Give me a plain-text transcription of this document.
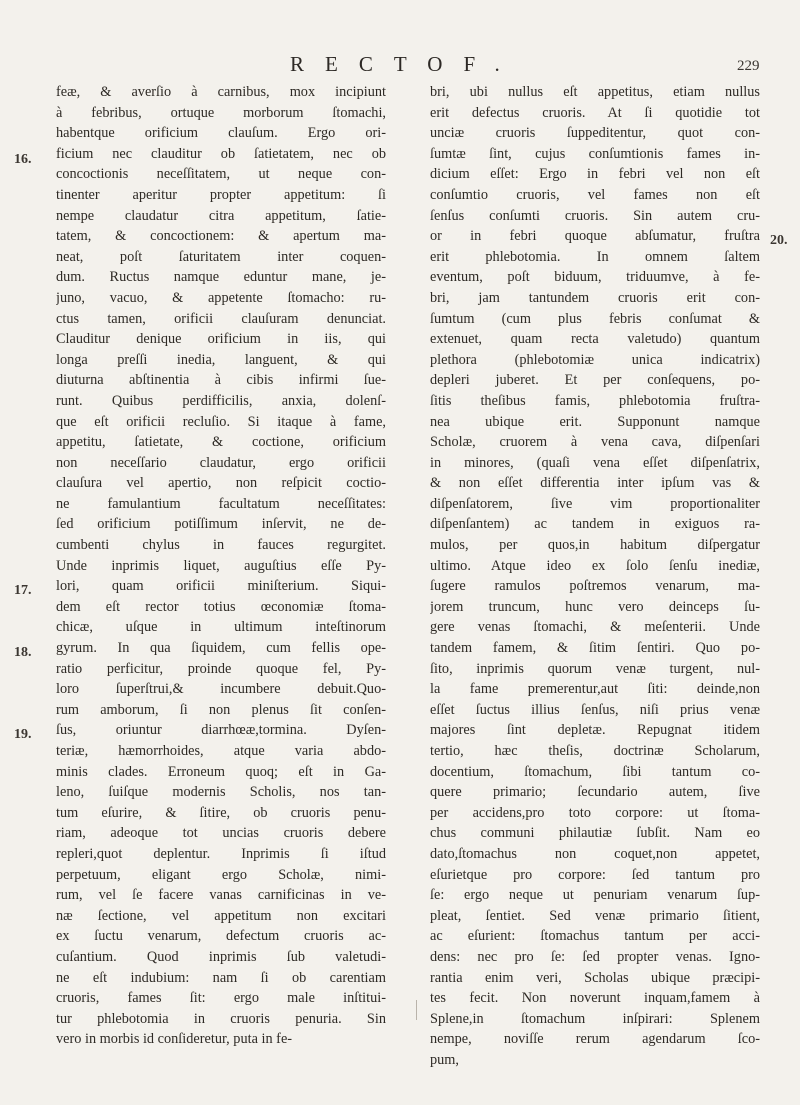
RECTOF.	229
16.
17.
18.
19.
20.
feæ, & averſio à carnibus, mox incipiunt
à febribus, ortuque morborum ſtomachi,
habentque orificium clauſum. Ergo ori-
ficium nec clauditur ob ſatietatem, nec ob
concoctionis neceſſitatem, ut neque con-
tinenter aperitur propter appetitum: ſi
nempe claudatur citra appetitum, ſatie-
tatem, & concoctionem: & apertum ma-
neat, poſt ſaturitatem inter coquen-
dum. Ructus namque eduntur mane, je-
juno, vacuo, & appetente ſtomacho: ru-
ctus tamen, orificii clauſuram denunciat.
Clauditur denique orificium in iis, qui
longa preſſi inedia, languent, & qui
diuturna abſtinentia à cibis infirmi ſue-
runt. Quibus perdifficilis, anxia, dolenſ-
que eſt orificii recluſio. Si itaque à fame,
appetitu, ſatietate, & coctione, orificium
non neceſſario claudatur, ergo orificii
clauſura vel apertio, non reſpicit coctio-
ne famulantium facultatum neceſſitates:
ſed orificium potiſſimum inſervit, ne de-
cumbenti chylus in fauces regurgitet.
Unde inprimis liquet, auguſtius eſſe Py-
lori, quam orificii miniſterium. Siqui-
dem eſt rector totius œconomiæ ſtoma-
chicæ, uſque in ultimum inteſtinorum
gyrum. In qua ſiquidem, cum fellis ope-
ratio perficitur, proinde quoque fel, Py-
loro ſuperſtrui,& incumbere debuit.Quo-
rum amborum, ſi non plenus ſit conſen-
ſus, oriuntur diarrhœæ,tormina. Dyſen-
teriæ, hæmorrhoides, atque varia abdo-
minis clades. Erroneum quoq; eſt in Ga-
leno, ſuiſque modernis Scholis, nos tan-
tum eſurire, & ſitire, ob cruoris penu-
riam, adeoque tot uncias cruoris debere
repleri,quot deplentur. Inprimis ſi iſtud
perpetuum, eligant ergo Scholæ, nimi-
rum, vel ſe facere vanas carnificinas in ve-
næ ſectione, vel appetitum non excitari
ex ſuctu venarum, defectum cruoris ac-
cuſantium. Quod inprimis ſub valetudi-
ne eſt indubium: nam ſi ob carentiam
cruoris, fames ſit: ergo male inſtitui-
tur phlebotomia in cruoris penuria. Sin
vero in morbis id conſideretur, puta in fe-
bri, ubi nullus eſt appetitus, etiam nullus
erit defectus cruoris. At ſi quotidie tot
unciæ cruoris ſuppeditentur, quot con-
ſumtæ ſint, cujus conſumtionis fames in-
dicium eſſet: Ergo in febri vel non eſt
conſumtio cruoris, vel fames non eſt
ſenſus conſumti cruoris. Sin autem cru-
or in febri quoque abſumatur, fruſtra
erit phlebotomia. In omnem ſaltem
eventum, poſt biduum, triduumve, à fe-
bri, jam tantundem cruoris erit con-
ſumtum (cum plus febris conſumat &
extenuet, quam recta valetudo) quantum
plethora (phlebotomiæ unica indicatrix)
depleri juberet. Et per conſequens, po-
ſitis theſibus famis, phlebotomia fruſtra-
nea ubique erit. Supponunt namque
Scholæ, cruorem à vena cava, diſpenſari
in minores, (quaſi vena eſſet diſpenſatrix,
& non eſſet differentia inter ipſum vas &
diſpenſatorem, ſive vim proportionaliter
diſpenſantem) ac tandem in exiguos ra-
mulos, per quos,in habitum diſpergatur
ultimo. Atque ideo ex ſolo ſenſu inediæ,
ſugere ramulos poſtremos venarum, ma-
jorem truncum, hunc vero deinceps ſu-
gere venas ſtomachi, & meſenterii. Unde
tandem famem, & ſitim ſentiri. Quo po-
ſito, inprimis quorum venæ turgent, nul-
la fame premerentur,aut ſiti: deinde,non
eſſet ſuctus illius ſenſus, niſi prius venæ
majores ſint depletæ. Repugnat itidem
tertio, hæc theſis, doctrinæ Scholarum,
docentium, ſtomachum, ſibi tantum co-
quere primario; ſecundario autem, ſive
per accidens,pro toto corpore: ut ſtoma-
chus communi philautiæ ſubſit. Nam eo
dato,ſtomachus non coquet,non appetet,
eſurietque pro corpore: ſed tantum pro
ſe: ergo neque ut penuriam venarum ſup-
pleat, ſentiet. Sed venæ primario ſitient,
ac eſurient: ſtomachus tantum per acci-
dens: nec pro ſe: ſed propter venas. Igno-
rantia enim veri, Scholas ubique præcipi-
tes fecit. Non noverunt inquam,famem à
Splene,in ſtomachum inſpirari: Splenem
nempe, noviſſe rerum agendarum ſco-
pum,
